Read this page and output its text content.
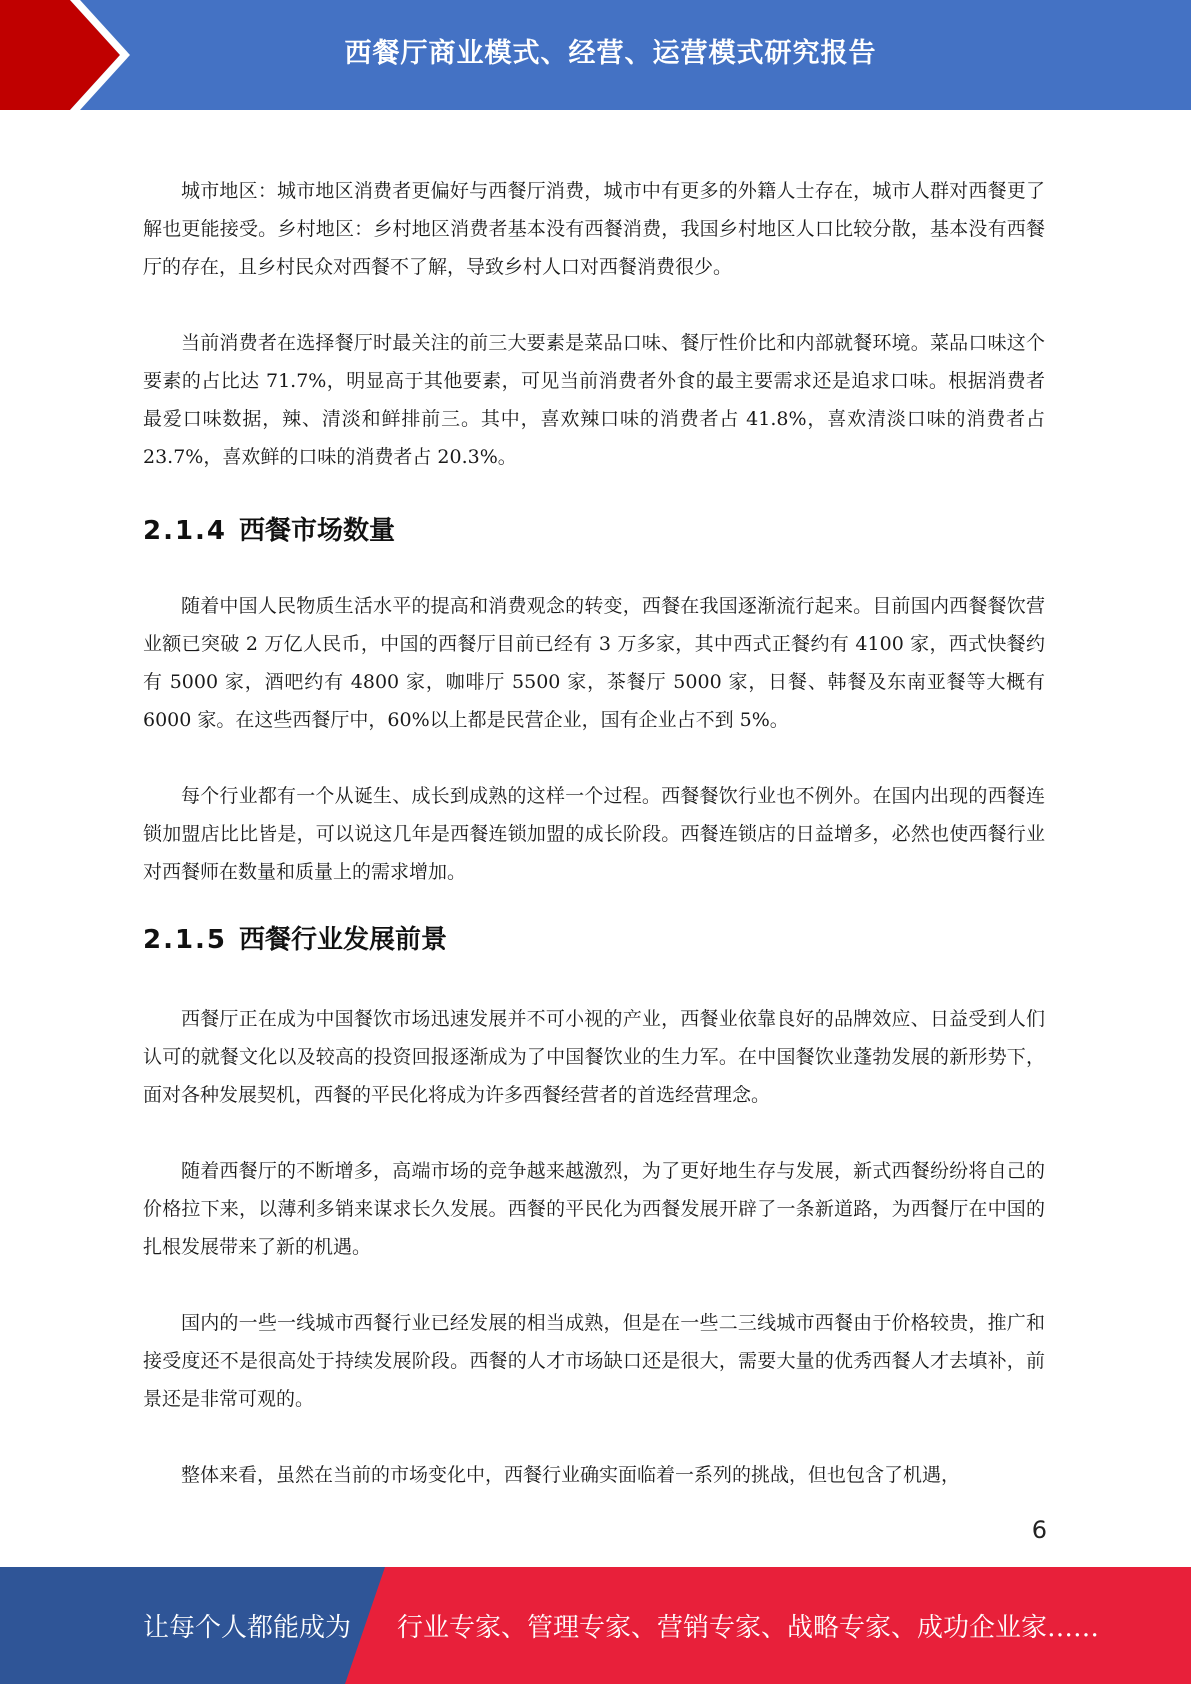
西餐厅商业模式、经营、运营模式研究报告

城市地区：城市地区消费者更偏好与西餐厅消费，城市中有更多的外籍人士存在，城市人群对西餐更了解也更能接受。乡村地区：乡村地区消费者基本没有西餐消费，我国乡村地区人口比较分散，基本没有西餐厅的存在，且乡村民众对西餐不了解，导致乡村人口对西餐消费很少。

当前消费者在选择餐厅时最关注的前三大要素是菜品口味、餐厅性价比和内部就餐环境。菜品口味这个要素的占比达 71.7%，明显高于其他要素，可见当前消费者外食的最主要需求还是追求口味。根据消费者最爱口味数据，辣、清淡和鲜排前三。其中，喜欢辣口味的消费者占 41.8%，喜欢清淡口味的消费者占 23.7%，喜欢鲜的口味的消费者占 20.3%。

2.1.4 西餐市场数量

随着中国人民物质生活水平的提高和消费观念的转变，西餐在我国逐渐流行起来。目前国内西餐餐饮营业额已突破 2 万亿人民币，中国的西餐厅目前已经有 3 万多家，其中西式正餐约有 4100 家，西式快餐约有 5000 家，酒吧约有 4800 家，咖啡厅 5500 家，茶餐厅 5000 家，日餐、韩餐及东南亚餐等大概有 6000 家。在这些西餐厅中，60%以上都是民营企业，国有企业占不到 5%。

每个行业都有一个从诞生、成长到成熟的这样一个过程。西餐餐饮行业也不例外。在国内出现的西餐连锁加盟店比比皆是，可以说这几年是西餐连锁加盟的成长阶段。西餐连锁店的日益增多，必然也使西餐行业对西餐师在数量和质量上的需求增加。

2.1.5 西餐行业发展前景

西餐厅正在成为中国餐饮市场迅速发展并不可小视的产业，西餐业依靠良好的品牌效应、日益受到人们认可的就餐文化以及较高的投资回报逐渐成为了中国餐饮业的生力军。在中国餐饮业蓬勃发展的新形势下，面对各种发展契机，西餐的平民化将成为许多西餐经营者的首选经营理念。

随着西餐厅的不断增多，高端市场的竞争越来越激烈，为了更好地生存与发展，新式西餐纷纷将自己的价格拉下来，以薄利多销来谋求长久发展。西餐的平民化为西餐发展开辟了一条新道路，为西餐厅在中国的扎根发展带来了新的机遇。

国内的一些一线城市西餐行业已经发展的相当成熟，但是在一些二三线城市西餐由于价格较贵，推广和接受度还不是很高处于持续发展阶段。西餐的人才市场缺口还是很大，需要大量的优秀西餐人才去填补，前景还是非常可观的。

整体来看，虽然在当前的市场变化中，西餐行业确实面临着一系列的挑战，但也包含了机遇，

6
让每个人都能成为 行业专家、管理专家、营销专家、战略专家、成功企业家……
